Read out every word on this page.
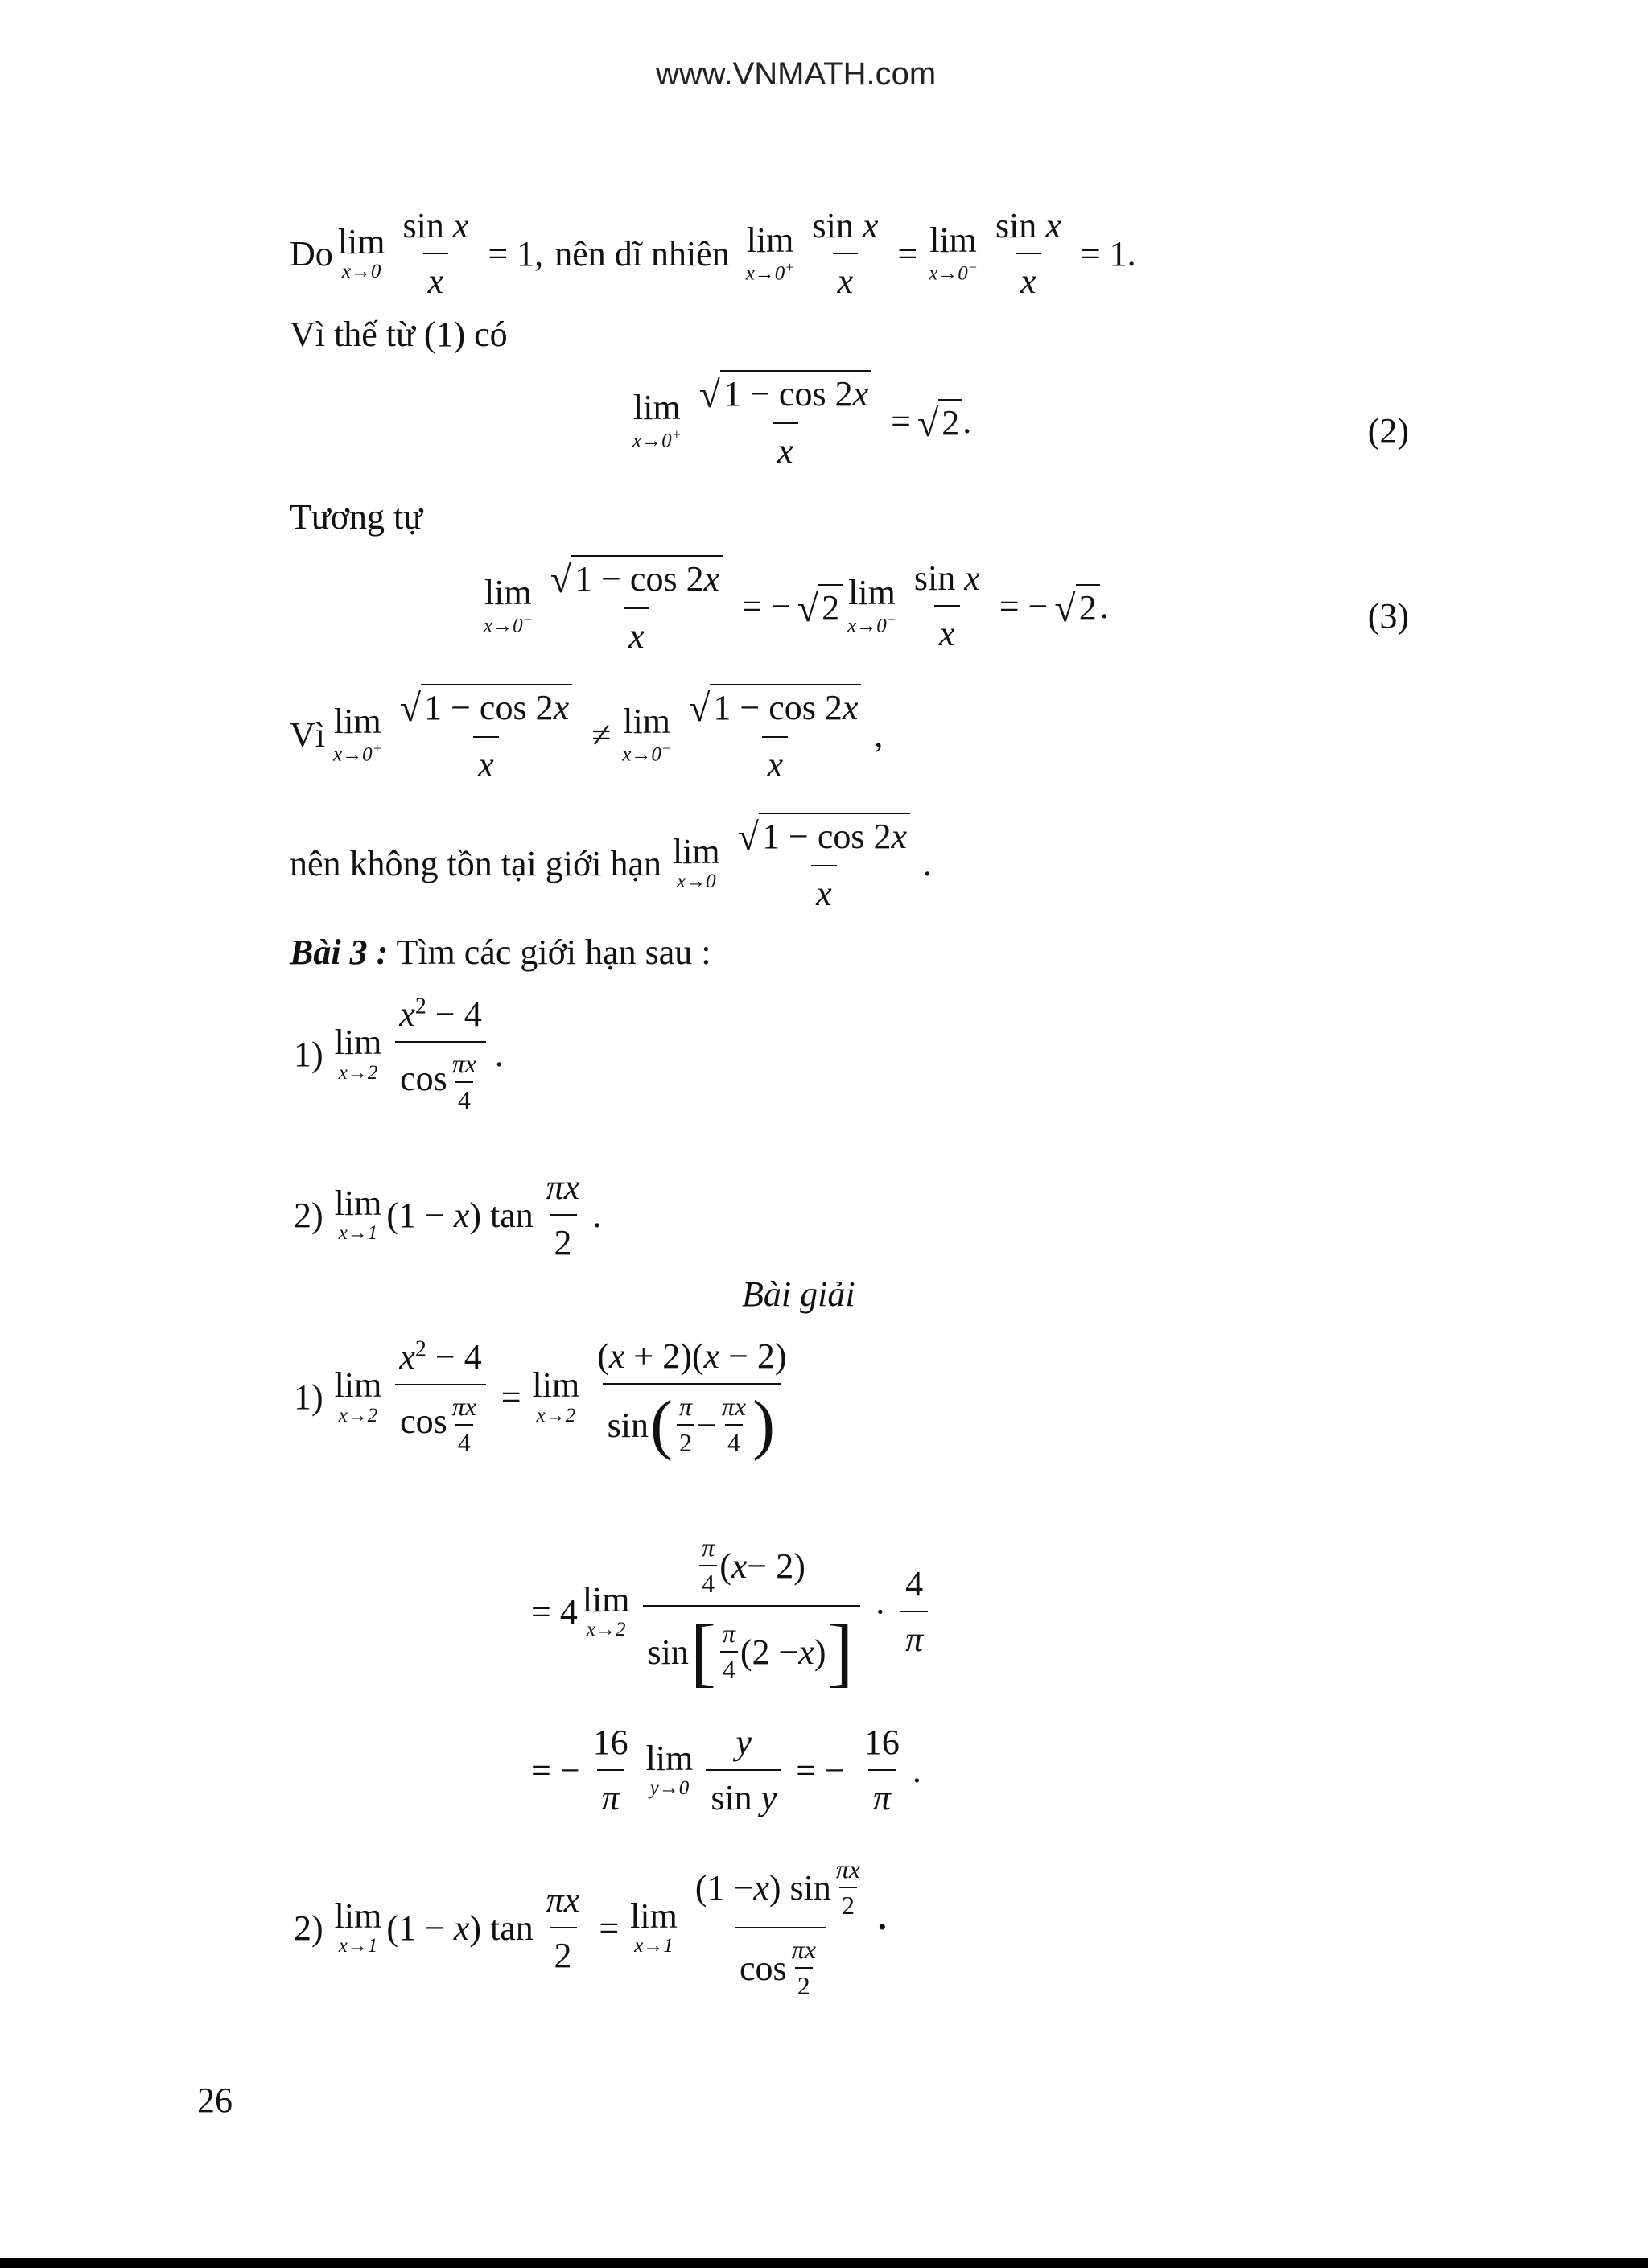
www.VNMATH.com
Do lim
$x\to 0 \frac{\text{sin x}}{x} = 1$, nên dĩ nhiên lim
$x\to 0^+ \frac{\text{sin x}}{x} = \lim$
$x\to 0^- \frac{\text{sin x}}{x} = 1$.
Vì thế từ (1) có
lim
$x\to 0^+ \frac{√ 1 - \cos 2x}{x}$ = √ 2 .	(2)
Tương tự
lim
$x\to 0^- \frac{√ 1 - \cos 2x}{x}$ = − √ 2 lim
$x\to 0^- \frac{\text{sin x}}{x}$ = − √ 2 .	(3)
Vì lim
$x\to 0^+ \frac{√ 1 - \cos 2x}{x} \ne \lim$
$x\to 0^- \frac{√ 1 - \cos 2x}{x}$ ,
nên không tồn tại giới hạn lim
$x\to 0 \frac{√ 1 - \cos 2x}{x}$ .
Bài 3 : Tìm các giới hạn sau :
1) lim
$x\to 2 \frac{x^2 - 4}{\cos \frac{\pi x}{4}}$ .
2) lim
x→1 (1 − x) $\tan \frac{\pi x}{2}$ .
Bài giải
1) lim
$x\to 2 \frac{x^2 - 4}{\cos \frac{\pi x}{4}} = \lim$
$x\to 2 \frac{(x + 2)(x - 2)}{\sin ( \frac{\pi}{2} - \frac{\pi x}{4} )}$
= 4 lim
$x\to 2 \frac{\frac{\pi}{4} ( x - 2)}{\sin [ \frac{\pi}{4} (2 - x ) ]} \cdot \frac{4}{\pi}$
= − $\frac{16}{\pi}$ lim
$y\to 0 \frac{y}{\text{sin y}}$ = − $\frac{16}{\pi}$ .
2) lim
x→1 (1 − x) $\tan \frac{\pi x}{2} = \lim$
$x\to 1 \frac{(1 - x ) \sin \frac{\pi x}{2}}{\cos \frac{\pi x}{2}}$ •
26
